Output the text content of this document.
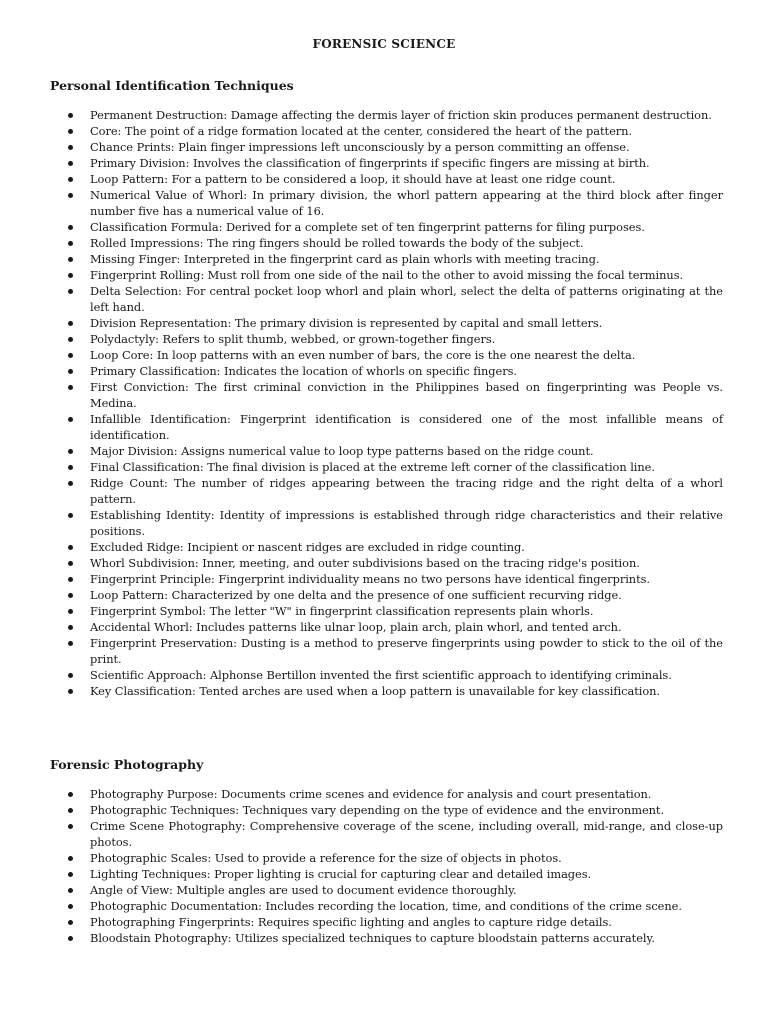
FORENSIC SCIENCE
Personal Identification Techniques
Permanent Destruction: Damage affecting the dermis layer of friction skin produces permanent destruction.
Core: The point of a ridge formation located at the center, considered the heart of the pattern.
Chance Prints: Plain finger impressions left unconsciously by a person committing an offense.
Primary Division: Involves the classification of fingerprints if specific fingers are missing at birth.
Loop Pattern: For a pattern to be considered a loop, it should have at least one ridge count.
Numerical Value of Whorl: In primary division, the whorl pattern appearing at the third block after finger number five has a numerical value of 16.
Classification Formula: Derived for a complete set of ten fingerprint patterns for filing purposes.
Rolled Impressions: The ring fingers should be rolled towards the body of the subject.
Missing Finger: Interpreted in the fingerprint card as plain whorls with meeting tracing.
Fingerprint Rolling: Must roll from one side of the nail to the other to avoid missing the focal terminus.
Delta Selection: For central pocket loop whorl and plain whorl, select the delta of patterns originating at the left hand.
Division Representation: The primary division is represented by capital and small letters.
Polydactyly: Refers to split thumb, webbed, or grown-together fingers.
Loop Core: In loop patterns with an even number of bars, the core is the one nearest the delta.
Primary Classification: Indicates the location of whorls on specific fingers.
First Conviction: The first criminal conviction in the Philippines based on fingerprinting was People vs. Medina.
Infallible Identification: Fingerprint identification is considered one of the most infallible means of identification.
Major Division: Assigns numerical value to loop type patterns based on the ridge count.
Final Classification: The final division is placed at the extreme left corner of the classification line.
Ridge Count: The number of ridges appearing between the tracing ridge and the right delta of a whorl pattern.
Establishing Identity: Identity of impressions is established through ridge characteristics and their relative positions.
Excluded Ridge: Incipient or nascent ridges are excluded in ridge counting.
Whorl Subdivision: Inner, meeting, and outer subdivisions based on the tracing ridge's position.
Fingerprint Principle: Fingerprint individuality means no two persons have identical fingerprints.
Loop Pattern: Characterized by one delta and the presence of one sufficient recurving ridge.
Fingerprint Symbol: The letter "W" in fingerprint classification represents plain whorls.
Accidental Whorl: Includes patterns like ulnar loop, plain arch, plain whorl, and tented arch.
Fingerprint Preservation: Dusting is a method to preserve fingerprints using powder to stick to the oil of the print.
Scientific Approach: Alphonse Bertillon invented the first scientific approach to identifying criminals.
Key Classification: Tented arches are used when a loop pattern is unavailable for key classification.
Forensic Photography
Photography Purpose: Documents crime scenes and evidence for analysis and court presentation.
Photographic Techniques: Techniques vary depending on the type of evidence and the environment.
Crime Scene Photography: Comprehensive coverage of the scene, including overall, mid-range, and close-up photos.
Photographic Scales: Used to provide a reference for the size of objects in photos.
Lighting Techniques: Proper lighting is crucial for capturing clear and detailed images.
Angle of View: Multiple angles are used to document evidence thoroughly.
Photographic Documentation: Includes recording the location, time, and conditions of the crime scene.
Photographing Fingerprints: Requires specific lighting and angles to capture ridge details.
Bloodstain Photography: Utilizes specialized techniques to capture bloodstain patterns accurately.
